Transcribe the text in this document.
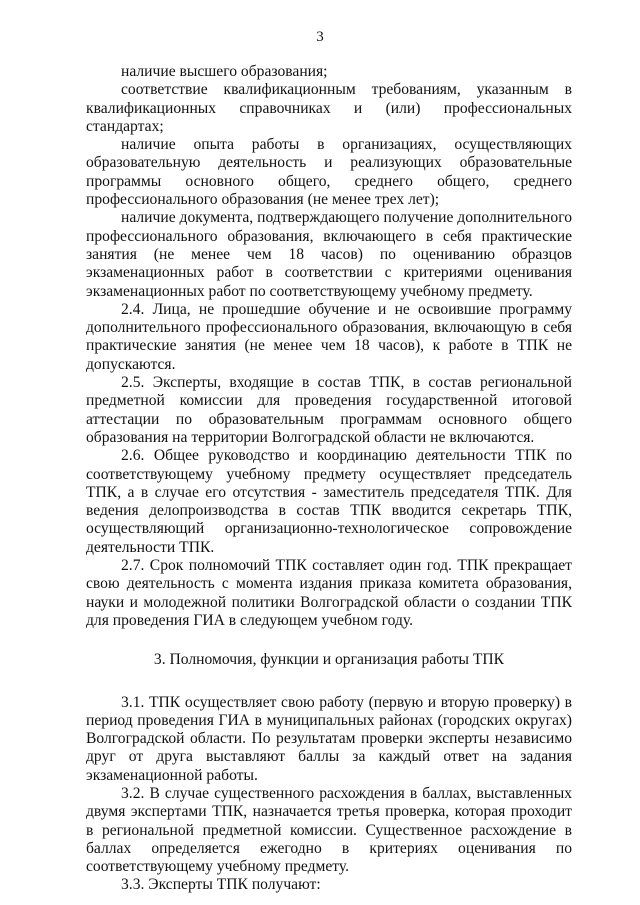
3

наличие высшего образования;

соответствие квалификационным требованиям, указанным в квалификационных справочниках и (или) профессиональных стандартах;

наличие опыта работы в организациях, осуществляющих образовательную деятельность и реализующих образовательные программы основного общего, среднего общего, среднего профессионального образования (не менее трех лет);

наличие документа, подтверждающего получение дополнительного профессионального образования, включающего в себя практические занятия (не менее чем 18 часов) по оцениванию образцов экзаменационных работ в соответствии с критериями оценивания экзаменационных работ по соответствующему учебному предмету.

2.4. Лица, не прошедшие обучение и не освоившие программу дополнительного профессионального образования, включающую в себя практические занятия (не менее чем 18 часов), к работе в ТПК не допускаются.

2.5. Эксперты, входящие в состав ТПК, в состав региональной предметной комиссии для проведения государственной итоговой аттестации по образовательным программам основного общего образования на территории Волгоградской области не включаются.

2.6. Общее руководство и координацию деятельности ТПК по соответствующему учебному предмету осуществляет председатель ТПК, а в случае его отсутствия - заместитель председателя ТПК. Для ведения делопроизводства в состав ТПК вводится секретарь ТПК, осуществляющий организационно-технологическое сопровождение деятельности ТПК.

2.7. Срок полномочий ТПК составляет один год. ТПК прекращает свою деятельность с момента издания приказа комитета образования, науки и молодежной политики Волгоградской области о создании ТПК для проведения ГИА в следующем учебном году.

3. Полномочия, функции и организация работы ТПК

3.1. ТПК осуществляет свою работу (первую и вторую проверку) в период проведения ГИА в муниципальных районах (городских округах) Волгоградской области. По результатам проверки эксперты независимо друг от друга выставляют баллы за каждый ответ на задания экзаменационной работы.

3.2. В случае существенного расхождения в баллах, выставленных двумя экспертами ТПК, назначается третья проверка, которая проходит в региональной предметной комиссии. Существенное расхождение в баллах определяется ежегодно в критериях оценивания по соответствующему учебному предмету.

3.3. Эксперты ТПК получают:
